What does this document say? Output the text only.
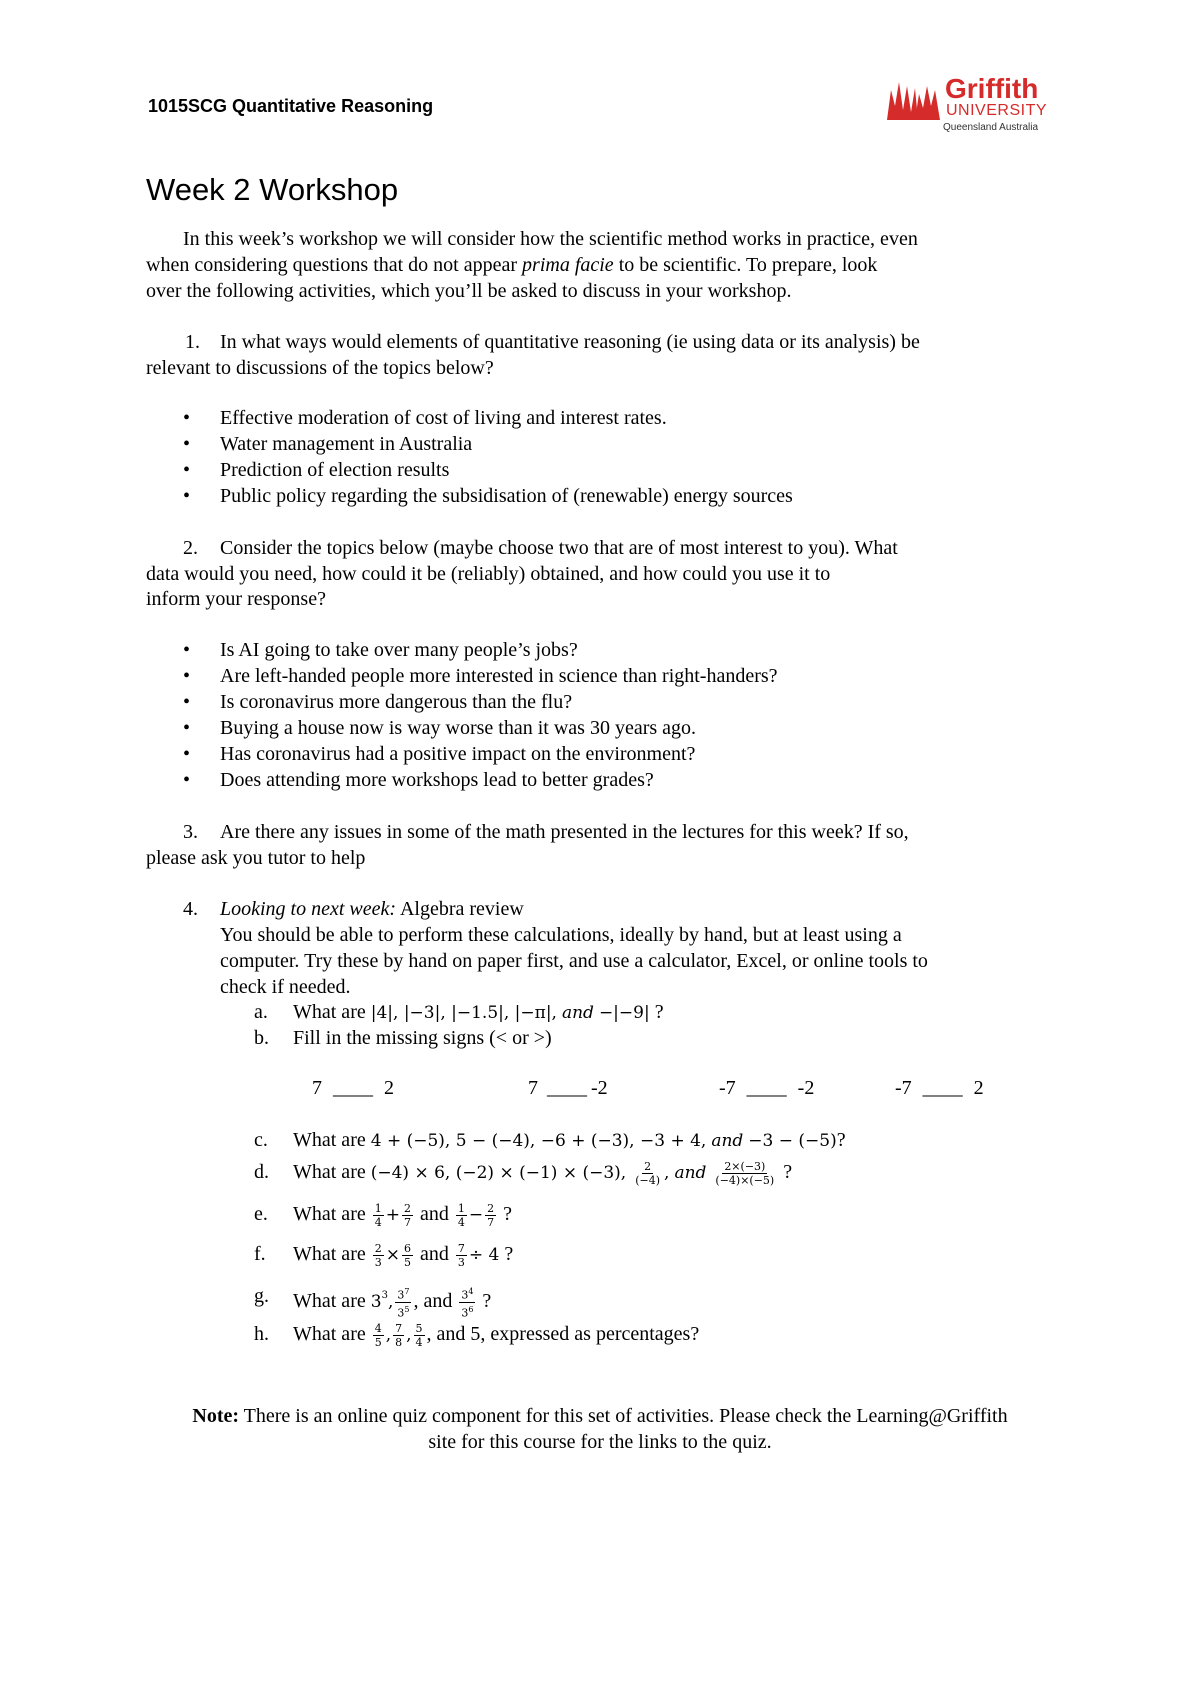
1015SCG Quantitative Reasoning
Griffith
UNIVERSITY
Queensland Australia
Week 2 Workshop
In this week’s workshop we will consider how the scientific method works in practice, even
when considering questions that do not appear prima facie to be scientific. To prepare, look
over the following activities, which you’ll be asked to discuss in your workshop.
1. In what ways would elements of quantitative reasoning (ie using data or its analysis) be
relevant to discussions of the topics below?
• Effective moderation of cost of living and interest rates.
• Water management in Australia
• Prediction of election results
• Public policy regarding the subsidisation of (renewable) energy sources
2. Consider the topics below (maybe choose two that are of most interest to you). What
data would you need, how could it be (reliably) obtained, and how could you use it to
inform your response?
• Is AI going to take over many people’s jobs?
• Are left-handed people more interested in science than right-handers?
• Is coronavirus more dangerous than the flu?
• Buying a house now is way worse than it was 30 years ago.
• Has coronavirus had a positive impact on the environment?
• Does attending more workshops lead to better grades?
3. Are there any issues in some of the math presented in the lectures for this week? If so,
please ask you tutor to help
4. Looking to next week: Algebra review
You should be able to perform these calculations, ideally by hand, but at least using a
computer. Try these by hand on paper first, and use a calculator, Excel, or online tools to
check if needed.
a. What are |4|, |−3|, |−1.5|, |−π|, and −|−9| ?
b. Fill in the missing signs (< or >)
7 ____ 2	7 ____ -2	-7 ____ -2	-7 ____ 2
c. What are 4 + (−5), 5 − (−4), −6 + (−3), −3 + 4, and −3 − (−5)?
d. What are (−4) × 6, (−2) × (−1) × (−3), $\frac{2}{(-4)}$ , and $\frac{2\times(-3)}{(-4)\times(-5)}$ ?
e. What are $\frac{1}{4} + \frac{2}{7}$ and $\frac{1}{4} - \frac{2}{7}$ ?
f. What are $\frac{2}{3} \times \frac{6}{5}$ and $\frac{7}{3} \div 4$ ?
g. What are $3^3$, $\frac{3^7}{3^5}$ , and $\frac{3^4}{3^6}$ ?
h. What are $\frac{4}{5}$ , $\frac{7}{8}$ , $\frac{5}{4}$ , and 5, expressed as percentages?
Note: There is an online quiz component for this set of activities. Please check the Learning@Griffith
site for this course for the links to the quiz.
